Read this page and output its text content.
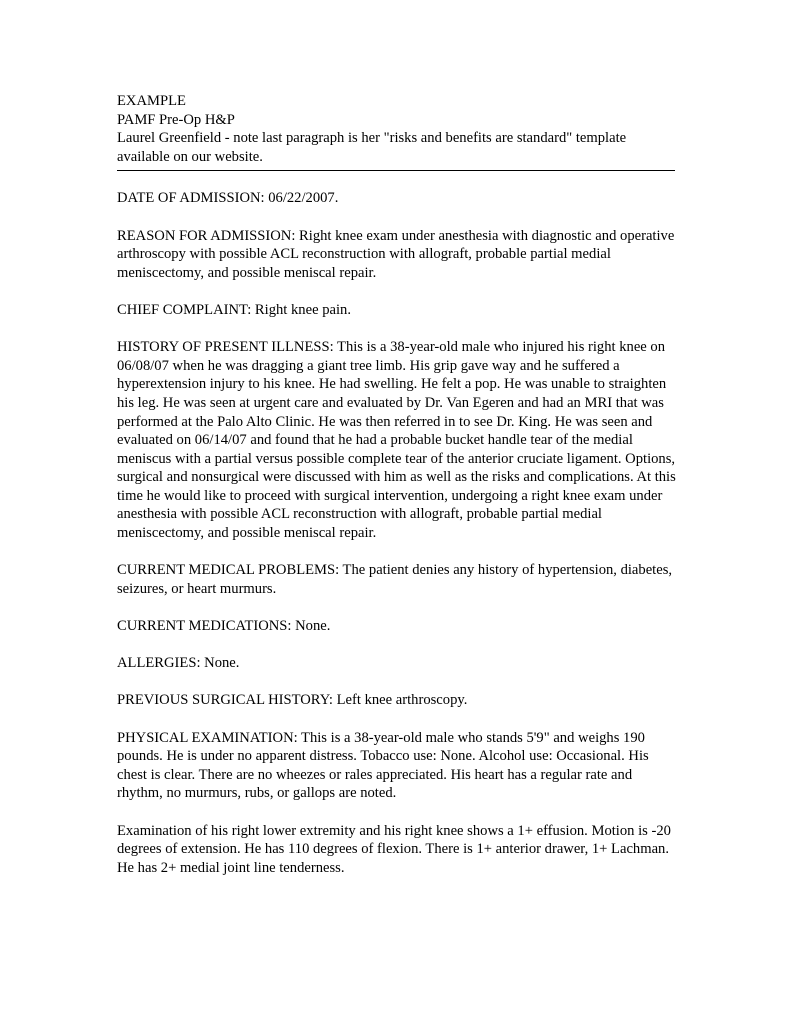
EXAMPLE

PAMF Pre-Op H&P

Laurel Greenfield - note last paragraph is her "risks and benefits are standard" template available on our website.

DATE OF ADMISSION: 06/22/2007.

REASON FOR ADMISSION: Right knee exam under anesthesia with diagnostic and operative arthroscopy with possible ACL reconstruction with allograft, probable partial medial meniscectomy, and possible meniscal repair.

CHIEF COMPLAINT: Right knee pain.

HISTORY OF PRESENT ILLNESS: This is a 38-year-old male who injured his right knee on 06/08/07 when he was dragging a giant tree limb. His grip gave way and he suffered a hyperextension injury to his knee. He had swelling. He felt a pop. He was unable to straighten his leg. He was seen at urgent care and evaluated by Dr. Van Egeren and had an MRI that was performed at the Palo Alto Clinic. He was then referred in to see Dr. King. He was seen and evaluated on 06/14/07 and found that he had a probable bucket handle tear of the medial meniscus with a partial versus possible complete tear of the anterior cruciate ligament. Options, surgical and nonsurgical were discussed with him as well as the risks and complications. At this time he would like to proceed with surgical intervention, undergoing a right knee exam under anesthesia with possible ACL reconstruction with allograft, probable partial medial meniscectomy, and possible meniscal repair.

CURRENT MEDICAL PROBLEMS: The patient denies any history of hypertension, diabetes, seizures, or heart murmurs.

CURRENT MEDICATIONS: None.

ALLERGIES: None.

PREVIOUS SURGICAL HISTORY: Left knee arthroscopy.

PHYSICAL EXAMINATION: This is a 38-year-old male who stands 5'9" and weighs 190 pounds. He is under no apparent distress. Tobacco use: None. Alcohol use: Occasional. His chest is clear. There are no wheezes or rales appreciated. His heart has a regular rate and rhythm, no murmurs, rubs, or gallops are noted.

Examination of his right lower extremity and his right knee shows a 1+ effusion. Motion is -20 degrees of extension. He has 110 degrees of flexion. There is 1+ anterior drawer, 1+ Lachman. He has 2+ medial joint line tenderness.
